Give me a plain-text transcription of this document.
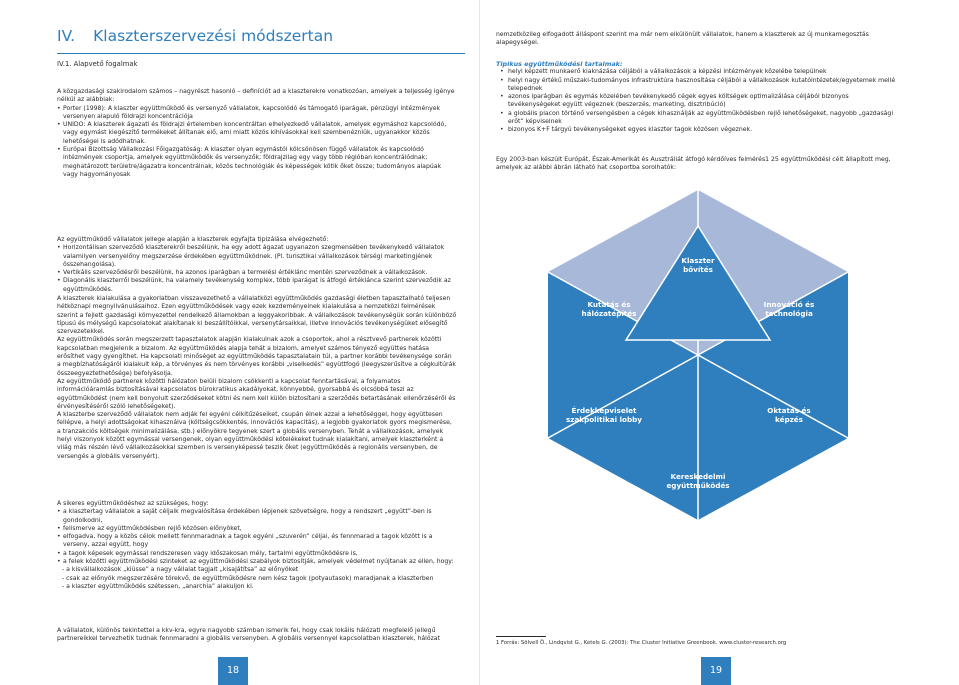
IV. Klaszterszervezési módszertan
IV.1. Alapvető fogalmak

A közgazdasági szakirodalom számos – nagyrészt hasonló – definíciót ad a klaszterekre vonatkozóan, amelyek a teljesség igénye nélkül az alábbiak:

• Porter (1998): A klaszter együttműködő és versenyző vállalatok, kapcsolódó és támogató iparágak, pénzügyi intézmények versenyen alapuló földrajzi koncentrációja
• UNIDO: A klaszterek ágazati és földrajzi értelemben koncentráltan elhelyezkedő vállalatok, amelyek egymáshoz kapcsolódó, vagy egymást kiegészítő termékeket állítanak elő, ami miatt közös kihívásokkal kell szembenézniük, ugyanakkor közös lehetőségei is adódhatnak.
• Európai Bizottság Vállalkozási Főigazgatóság: A klaszter olyan egymástól kölcsönösen függő vállalatok és kapcsolódó intézmények csoportja, amelyek együttműködők és versenyzők; földrajzilag egy vagy több régióban koncentrálódnak; meghatározott területre/ágazatra koncentrálnak, közös technológiák és képességek kötik őket össze; tudományos alapúak vagy hagyományosak

Az együttműködő vállalatok jellege alapján a klaszterek egyfajta tipizálása elvégezhető:

• Horizontálisan szerveződő klaszterekről beszélünk, ha egy adott ágazat ugyanazon szegmensében tevékenykedő vállalatok valamilyen versenyelőny megszerzése érdekében együttműködnek. (Pl. turisztikai vállalkozások térségi marketingjének összehangolása).
• Vertikális szerveződésről beszélünk, ha azonos iparágban a termelési értéklánc mentén szerveződnek a vállalkozások.
• Diagonális klaszterről beszélünk, ha valamely tevékenység komplex, több iparágat is átfogó értéklánca szerint szerveződik az együttműködés.

A klaszterek kialakulása a gyakorlatban visszavezethető a vállalatközi együttműködés gazdasági életben tapasztalható teljesen hétköznapi megnyilvánulásaihoz. Ezen együttműködések vagy ezek kezdeményeinek kialakulása a nemzetközi felmérések szerint a fejlett gazdasági környezettel rendelkező államokban a leggyakoribbak. A vállalkozások tevékenységük során különböző típusú és mélységű kapcsolatokat alakítanak ki beszállítóikkal, versenytársaikkal, illetve innovációs tevékenységüket elősegítő szervezetekkel.

Az együttműködés során megszerzett tapasztalatok alapján kialakulnak azok a csoportok, ahol a résztvevő partnerek közötti kapcsolatban megjelenik a bizalom. Az együttműködés alapja tehát a bizalom, amelyet számos tényező együttes hatása erősíthet vagy gyengíthet. Ha kapcsolati minőséget az együttműködés tapasztalatain túl, a partner korábbi tevékenysége során a megbízhatóságáról kialakult kép, a törvényes és nem törvényes korábbi „viselkedés” együttfogó (leegyszerűsítve a cégkultúrák összeegyeztethetősége) befolyásolja.

Az együttműködő partnerek közötti hálózaton belüli bizalom csökkenti a kapcsolat fenntartásával, a folyamatos információáramlás biztosításával kapcsolatos bürokratikus akadályokat, könnyebbé, gyorsabbá és olcsóbbá teszi az együttműködést (nem kell bonyolult szerződéseket kötni és nem kell külön biztosítani a szerződés betartásának ellenőrzéséről és érvényesítéséről szóló lehetőségeket).

A klaszterbe szerveződő vállalatok nem adják fel egyéni célkitűzéseiket, csupán élnek azzal a lehetőséggel, hogy együttesen fellépve, a helyi adottságokat kihasználva (költségcsökkentés, innovációs kapacitás), a legjobb gyakorlatok gyors megismerése, a tranzakciós költségek minimalizálása, stb.) előnyökre tegyenek szert a globális versenyben. Tehát a vállalkozások, amelyek helyi viszonyok között egymással versengenek, olyan együttműködési kötelékeket tudnak kialakítani, amelyek klaszterként a világ más részén lévő vállalkozásokkal szemben is versenyképessé teszik őket (együttműködés a regionális versenyben, de versengés a globális versenyért).

A sikeres együttműködéshez az szükséges, hogy:

• a klasztertag vállalatok a saját céljaik megvalósítása érdekében lépjenek szövetségre, hogy a rendszert „együtt”-ben is gondolkodni,
• felismerve az együttműködésben rejlő közösen előnyöket,
• elfogadva, hogy a közös célok mellett fennmaradnak a tagok egyéni „szuverén” céljai, és fennmarad a tagok között is a verseny, azzal együtt, hogy
• a tagok képesek egymással rendszeresen vagy időszakosan mély, tartalmi együttműködésre is,
• a felek közötti együttműködési szinteket az együttműködési szabályok biztosítják, amelyek védelmet nyújtanak az ellen, hogy:
- a kisvállalkozások „kiüsse” a nagy vállalat tagjait „kisajátítsa” az előnyöket
- csak az előnyök megszerzésére törekvő, de együttműködésre nem kész tagok (potyautasok) maradjanak a klaszterben
- a klaszter együttműködés szétessen, „anarchia” alakuljon ki.

A vállalatok, különös tekintettel a kkv-kra, egyre nagyobb számban ismerik fel, hogy csak lokális hálózati megfelelő jellegű partnereikkel tervezhetik tudnak fennmaradni a globális versenyben. A globális versennyel kapcsolatban klaszterek, hálózat

18

nemzetközileg elfogadott álláspont szerint ma már nem elkülönült vállalatok, hanem a klaszterek az új munkamegosztás alapegységei.

Tipikus együttműködési tartalmak:

• helyi képzett munkaerő kiaknázása céljából a vállalkozások a képzési intézmények közelébe települnek
• helyi nagy értékű műszaki-tudományos infrastruktúra hasznosítása céljából a vállalkozások kutatóintézetek/egyetemek mellé telepednek
• azonos iparágban és egymás közelében tevékenykedő cégek egyes költségek optimalizálása céljából bizonyos tevékenységeket együtt végeznek (beszerzés, marketing, disztribúció)
• a globális piacon történő versengésben a cégek kihasználják az együttműködésben rejlő lehetőségeket, nagyobb „gazdasági erőt” képviselnek
• bizonyos K+F tárgyú tevékenységeket egyes klaszter tagok közösen végeznek.

Egy 2003-ban készült Európát, Észak-Amerikát és Ausztráliát átfogó kérdőíves felmérés1 25 együttműködési célt állapított meg, amelyek az alábbi ábrán látható hat csoportba sorolhatók:

Klaszter
bővítés
Kutatás és
hálózatépítés
Innováció és
technológia
Érdekképviselet
szakpolitikai lobby
Oktatás és
képzés
Kereskedelmi
együttműködés
1 Forrás: Sölvell Ö., Lindqvist G., Ketels G. (2003): The Cluster Initiative Greenbook. www.cluster-research.org
19
